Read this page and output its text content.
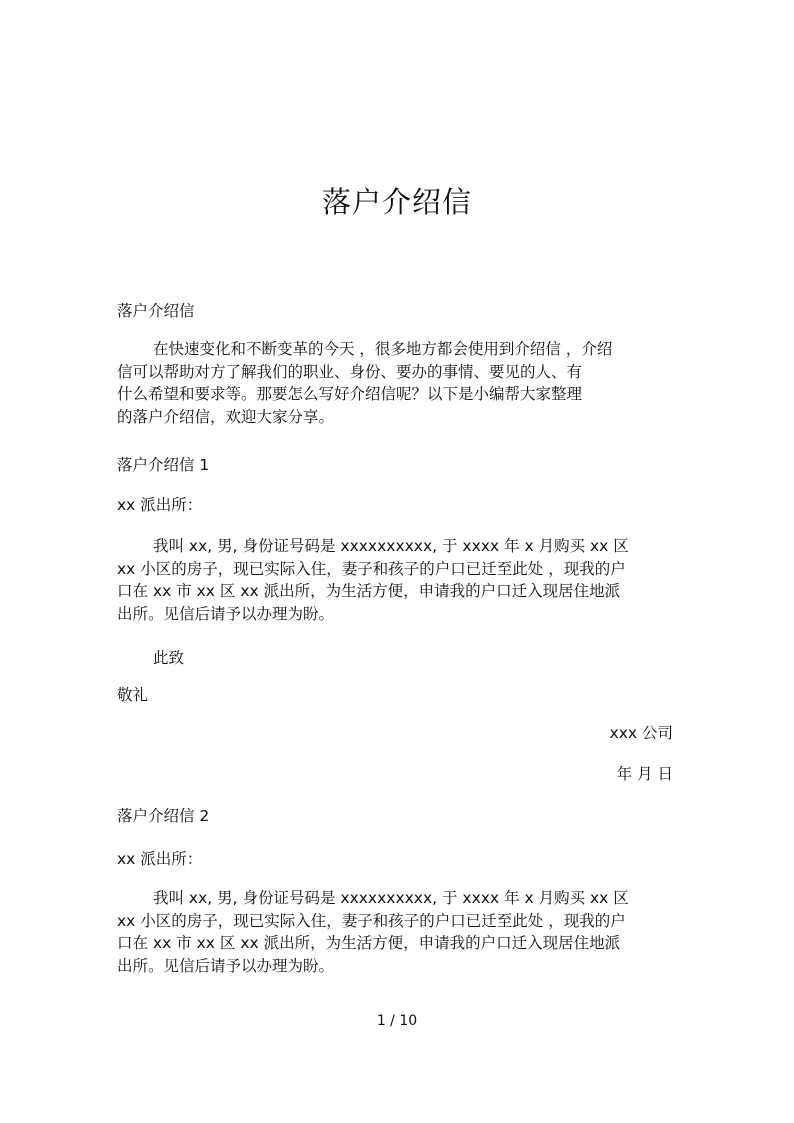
落户介绍信
落户介绍信
在快速变化和不断变革的今天 ，很多地方都会使用到介绍信 ，介绍
信可以帮助对方了解我们的职业、身份、要办的事情、要见的人、有
什么希望和要求等。那要怎么写好介绍信呢？以下是小编帮大家整理
的落户介绍信，欢迎大家分享。
落户介绍信 1
xx 派出所：
我叫 xx, 男, 身份证号码是 xxxxxxxxxx, 于 xxxx 年 x 月购买 xx 区
xx 小区的房子，现已实际入住，妻子和孩子的户口已迁至此处 ，现我的户
口在 xx 市 xx 区 xx 派出所，为生活方便，申请我的户口迁入现居住地派
出所。见信后请予以办理为盼。
此致
敬礼
xxx 公司
年 月 日
落户介绍信 2
xx 派出所：
我叫 xx, 男, 身份证号码是 xxxxxxxxxx, 于 xxxx 年 x 月购买 xx 区
xx 小区的房子，现已实际入住，妻子和孩子的户口已迁至此处 ，现我的户
口在 xx 市 xx 区 xx 派出所，为生活方便，申请我的户口迁入现居住地派
出所。见信后请予以办理为盼。
1 / 10
